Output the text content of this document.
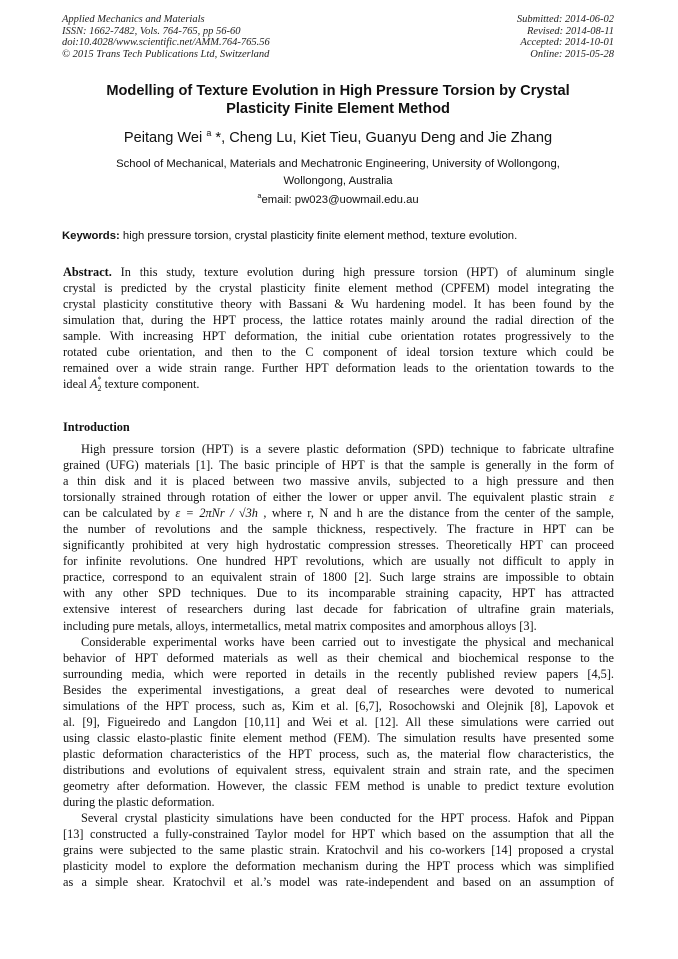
Applied Mechanics and Materials
ISSN: 1662-7482, Vols. 764-765, pp 56-60
doi:10.4028/www.scientific.net/AMM.764-765.56
© 2015 Trans Tech Publications Ltd, Switzerland
Submitted: 2014-06-02
Revised: 2014-08-11
Accepted: 2014-10-01
Online: 2015-05-28
Modelling of Texture Evolution in High Pressure Torsion by Crystal
Plasticity Finite Element Method
Peitang Wei $^a$ *, Cheng Lu, Kiet Tieu, Guanyu Deng and Jie Zhang
School of Mechanical, Materials and Mechatronic Engineering, University of Wollongong,
Wollongong, Australia
$^a$email: pw023@uowmail.edu.au
Keywords: high pressure torsion, crystal plasticity finite element method, texture evolution.
Abstract. In this study, texture evolution during high pressure torsion (HPT) of aluminum single
crystal is predicted by the crystal plasticity finite element method (CPFEM) model integrating the
crystal plasticity constitutive theory with Bassani & Wu hardening model. It has been found by the
simulation that, during the HPT process, the lattice rotates mainly around the radial direction of the
sample. With increasing HPT deformation, the initial cube orientation rotates progressively to the
rotated cube orientation, and then to the C component of ideal torsion texture which could be
remained over a wide strain range. Further HPT deformation leads to the orientation towards to the
ideal $A_2^*$ texture component.
Introduction
High pressure torsion (HPT) is a severe plastic deformation (SPD) technique to fabricate ultrafine
grained (UFG) materials [1]. The basic principle of HPT is that the sample is generally in the form of
a thin disk and it is placed between two massive anvils, subjected to a high pressure and then
torsionally strained through rotation of either the lower or upper anvil. The equivalent plastic strain ε
can be calculated by ε = 2πNr / √3h , where r, N and h are the distance from the center of the sample,
the number of revolutions and the sample thickness, respectively. The fracture in HPT can be
significantly prohibited at very high hydrostatic compression stresses. Theoretically HPT can proceed
for infinite revolutions. One hundred HPT revolutions, which are usually not difficult to apply in
practice, correspond to an equivalent strain of 1800 [2]. Such large strains are impossible to obtain
with any other SPD techniques. Due to its incomparable straining capacity, HPT has attracted
extensive interest of researchers during last decade for fabrication of ultrafine grain materials,
including pure metals, alloys, intermetallics, metal matrix composites and amorphous alloys [3].
Considerable experimental works have been carried out to investigate the physical and mechanical
behavior of HPT deformed materials as well as their chemical and biochemical response to the
surrounding media, which were reported in details in the recently published review papers [4,5].
Besides the experimental investigations, a great deal of researches were devoted to numerical
simulations of the HPT process, such as, Kim et al. [6,7], Rosochowski and Olejnik [8], Lapovok et
al. [9], Figueiredo and Langdon [10,11] and Wei et al. [12]. All these simulations were carried out
using classic elasto-plastic finite element method (FEM). The simulation results have presented some
plastic deformation characteristics of the HPT process, such as, the material flow characteristics, the
distributions and evolutions of equivalent stress, equivalent strain and strain rate, and the specimen
geometry after deformation. However, the classic FEM method is unable to predict texture evolution
during the plastic deformation.
Several crystal plasticity simulations have been conducted for the HPT process. Hafok and Pippan
[13] constructed a fully-constrained Taylor model for HPT which based on the assumption that all the
grains were subjected to the same plastic strain. Kratochvil and his co-workers [14] proposed a crystal
plasticity model to explore the deformation mechanism during the HPT process which was simplified
as a simple shear. Kratochvil et al.’s model was rate-independent and based on an assumption of
